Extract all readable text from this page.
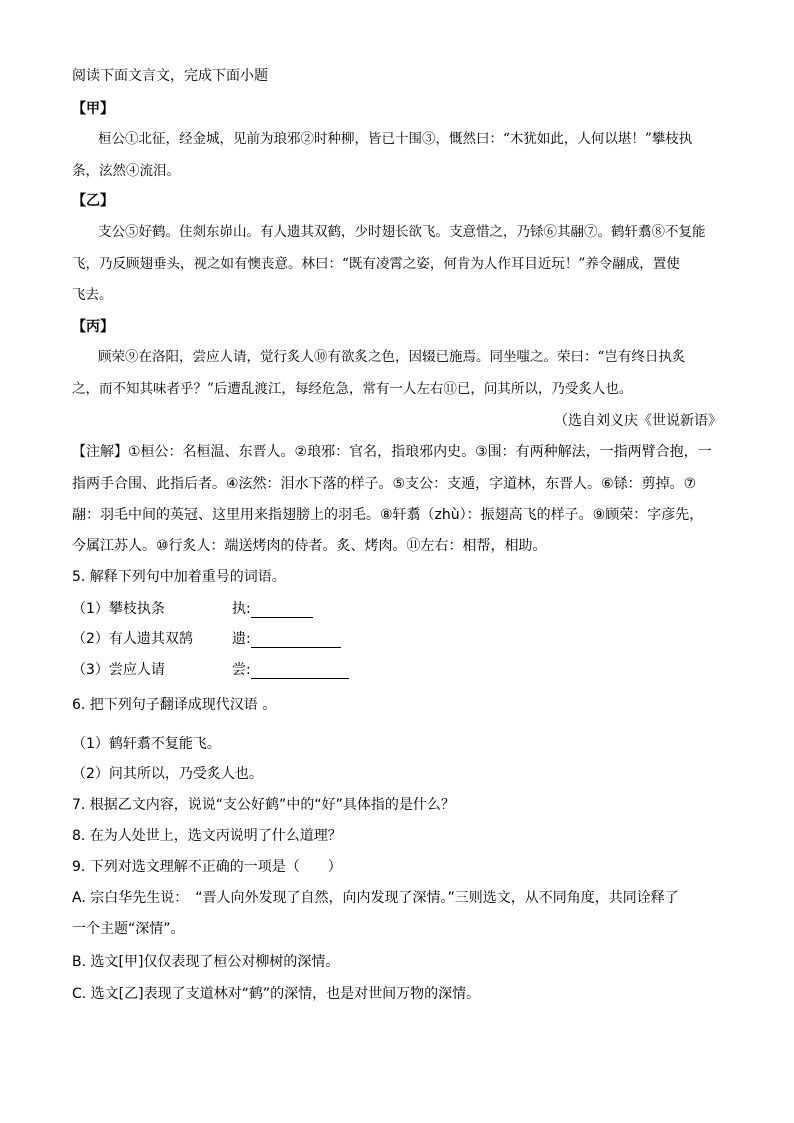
阅读下面文言文，完成下面小题
【甲】
桓公①北征，经金城，见前为琅邪②时种柳，皆已十围③，慨然曰：“木犹如此，人何以堪！”攀枝执
条，泫然④流泪。
【乙】
支公⑤好鹤。住剡东峁山。有人遗其双鹤，少时翅长欲飞。支意惜之，乃铩⑥其翮⑦。鹤轩翥⑧不复能
飞，乃反顾翅垂头，视之如有懊丧意。林曰：“既有凌霄之姿，何肯为人作耳目近玩！”养令翮成，置使
飞去。
【丙】
顾荣⑨在洛阳，尝应人请，觉行炙人⑩有欲炙之色，因辍已施焉。同坐嗤之。荣曰：“岂有终日执炙
之，而不知其味者乎？”后遭乱渡江，每经危急，常有一人左右⑪已，问其所以，乃受炙人也。
（选自刘义庆《世说新语》
【注解】①桓公：名桓温、东晋人。②琅邪：官名，指琅邪内史。③围：有两种解法，一指两臂合抱，一
指两手合围、此指后者。④泫然：泪水下落的样子。⑤支公：支遁，字道林，东晋人。⑥铩：剪掉。⑦
翮：羽毛中间的英冠、这里用来指翅膀上的羽毛。⑧轩翥（zhù）：振翅高飞的样子。⑨顾荣：字彦先，
今属江苏人。⑩行炙人：端送烤肉的侍者。炙、烤肉。⑪左右：相帮，相助。
5. 解释下列句中加着重号的词语。
（1）攀枝执条	执:
（2）有人遗其双鹄	遗:
（3）尝应人请	尝:
6. 把下列句子翻译成现代汉语 。
（1）鹤轩翥不复能飞。
（2）问其所以，乃受炙人也。
7. 根据乙文内容，说说“支公好鹤”中的“好”具体指的是什么？
8. 在为人处世上，选文丙说明了什么道理？
9. 下列对选文理解不正确的一项是（　　）
A. 宗白华先生说：　“晋人向外发现了自然，向内发现了深情。”三则选文，从不同角度，共同诠释了
一个主题“深情”。
B. 选文[甲]仅仅表现了桓公对柳树的深情。
C. 选文[乙]表现了支道林对“鹤”的深情，也是对世间万物的深情。
